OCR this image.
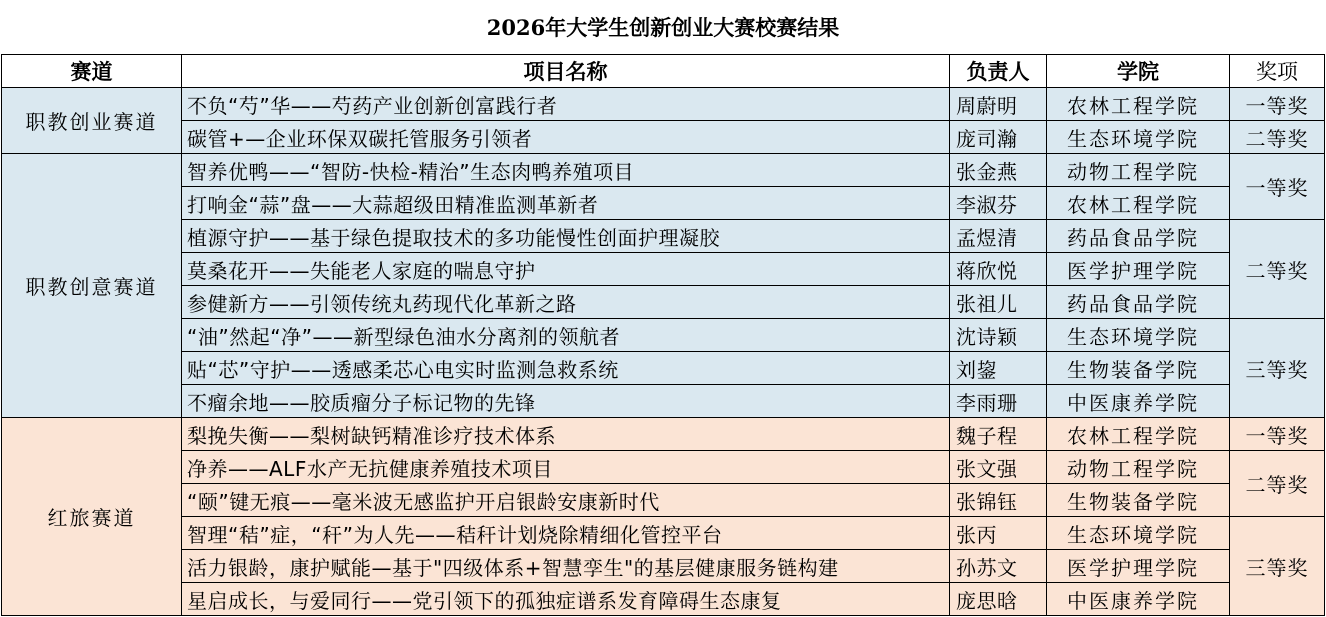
2026年大学生创新创业大赛校赛结果
赛道	项目名称	负责人	学院	奖项
职教创业赛道	不负“芍”华——芍药产业创新创富践行者	周蔚明	农林工程学院	一等奖
	碳管+—企业环保双碳托管服务引领者	庞司瀚	生态环境学院	二等奖
职教创意赛道	智养优鸭——“智防-快检-精治”生态肉鸭养殖项目	张金燕	动物工程学院	一等奖
	打响金“蒜”盘——大蒜超级田精准监测革新者	李淑芬	农林工程学院	
	植源守护——基于绿色提取技术的多功能慢性创面护理凝胶	孟煜清	药品食品学院	二等奖
	莫桑花开——失能老人家庭的喘息守护	蒋欣悦	医学护理学院	
	参健新方——引领传统丸药现代化革新之路	张祖儿	药品食品学院	
	“油”然起“净”——新型绿色油水分离剂的领航者	沈诗颖	生态环境学院	三等奖
	贴“芯”守护——透感柔芯心电实时监测急救系统	刘鋆	生物装备学院	
	不瘤余地——胶质瘤分子标记物的先锋	李雨珊	中医康养学院	
红旅赛道	梨挽失衡——梨树缺钙精准诊疗技术体系	魏子程	农林工程学院	一等奖
	净养——ALF水产无抗健康养殖技术项目	张文强	动物工程学院	二等奖
	“颐”键无痕——毫米波无感监护开启银龄安康新时代	张锦钰	生物装备学院	
	智理“秸”症，“秆”为人先——秸秆计划烧除精细化管控平台	张丙	生态环境学院	三等奖
	活力银龄，康护赋能—基于"四级体系+智慧孪生"的基层健康服务链构建	孙苏文	医学护理学院	
	星启成长，与爱同行——党引领下的孤独症谱系发育障碍生态康复	庞思晗	中医康养学院	
